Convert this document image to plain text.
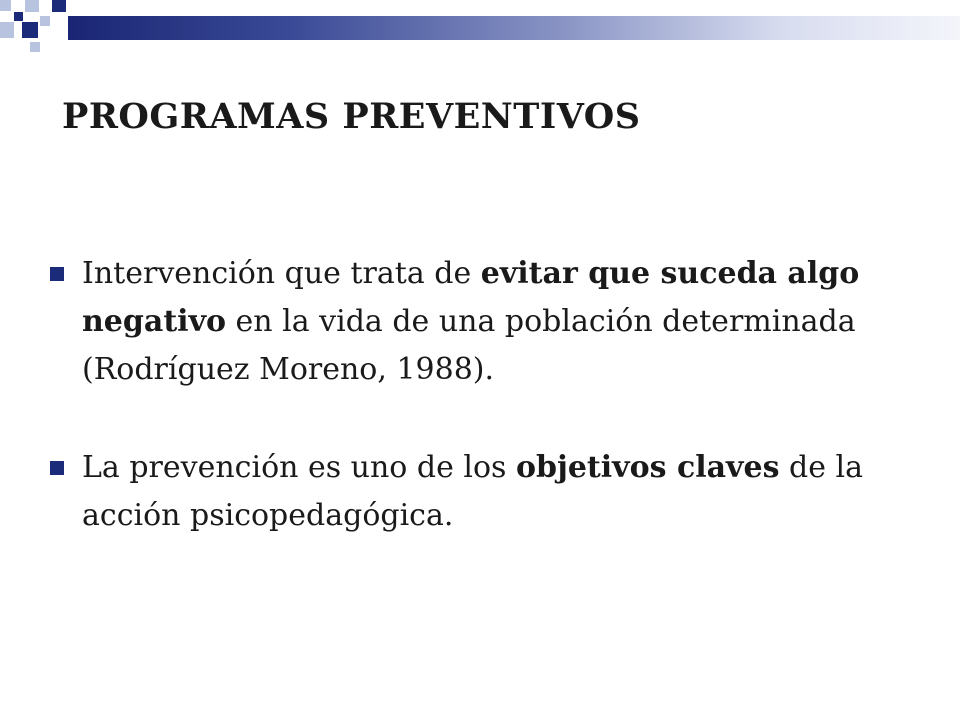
PROGRAMAS PREVENTIVOS
Intervención que trata de evitar que suceda algo negativo en la vida de una población determinada (Rodríguez Moreno, 1988).
La prevención es uno de los objetivos claves de la acción psicopedagógica.
